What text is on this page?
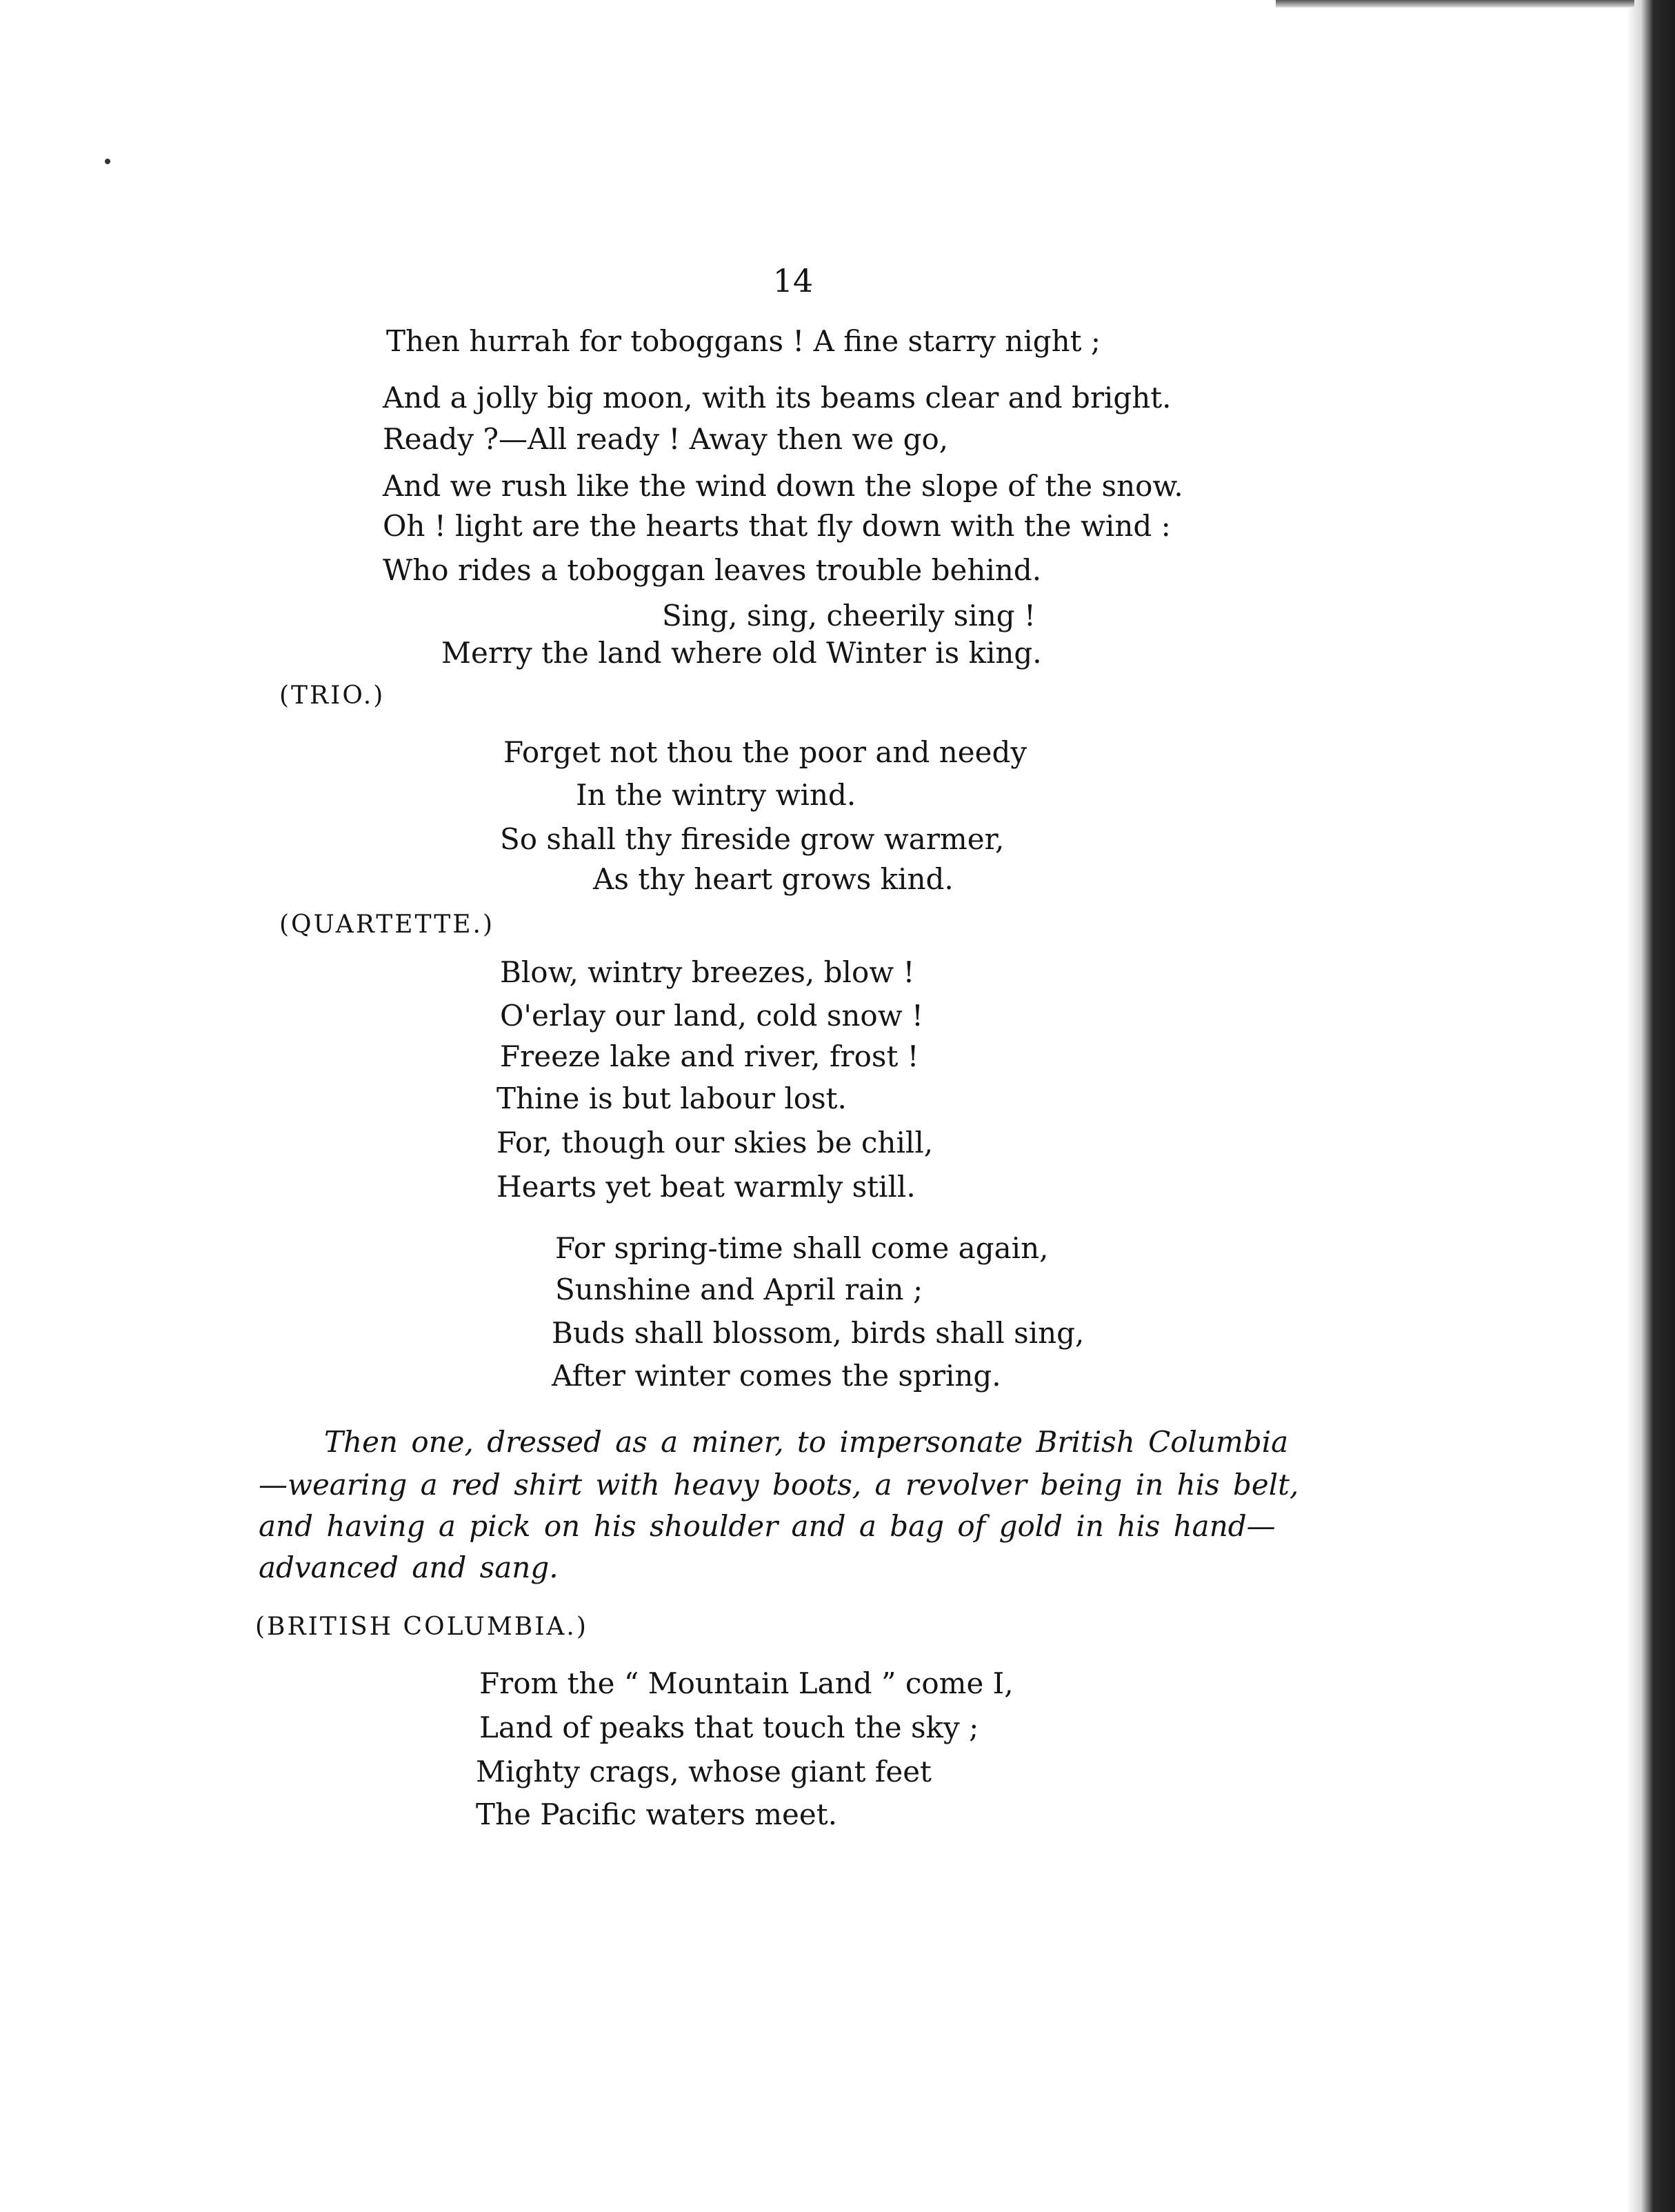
14
Then hurrah for toboggans ! A fine starry night ;
And a jolly big moon, with its beams clear and bright.
Ready ?—All ready ! Away then we go,
And we rush like the wind down the slope of the snow.
Oh ! light are the hearts that fly down with the wind :
Who rides a toboggan leaves trouble behind.
Sing, sing, cheerily sing !
Merry the land where old Winter is king.
(TRIO.)
Forget not thou the poor and needy
In the wintry wind.
So shall thy fireside grow warmer,
As thy heart grows kind.
(QUARTETTE.)
Blow, wintry breezes, blow !
O'erlay our land, cold snow !
Freeze lake and river, frost !
Thine is but labour lost.
For, though our skies be chill,
Hearts yet beat warmly still.
For spring-time shall come again,
Sunshine and April rain ;
Buds shall blossom, birds shall sing,
After winter comes the spring.
Then one, dressed as a miner, to impersonate British Columbia
—wearing a red shirt with heavy boots, a revolver being in his belt,
and having a pick on his shoulder and a bag of gold in his hand—
advanced and sang.
(BRITISH COLUMBIA.)
From the “ Mountain Land ” come I,
Land of peaks that touch the sky ;
Mighty crags, whose giant feet
The Pacific waters meet.
